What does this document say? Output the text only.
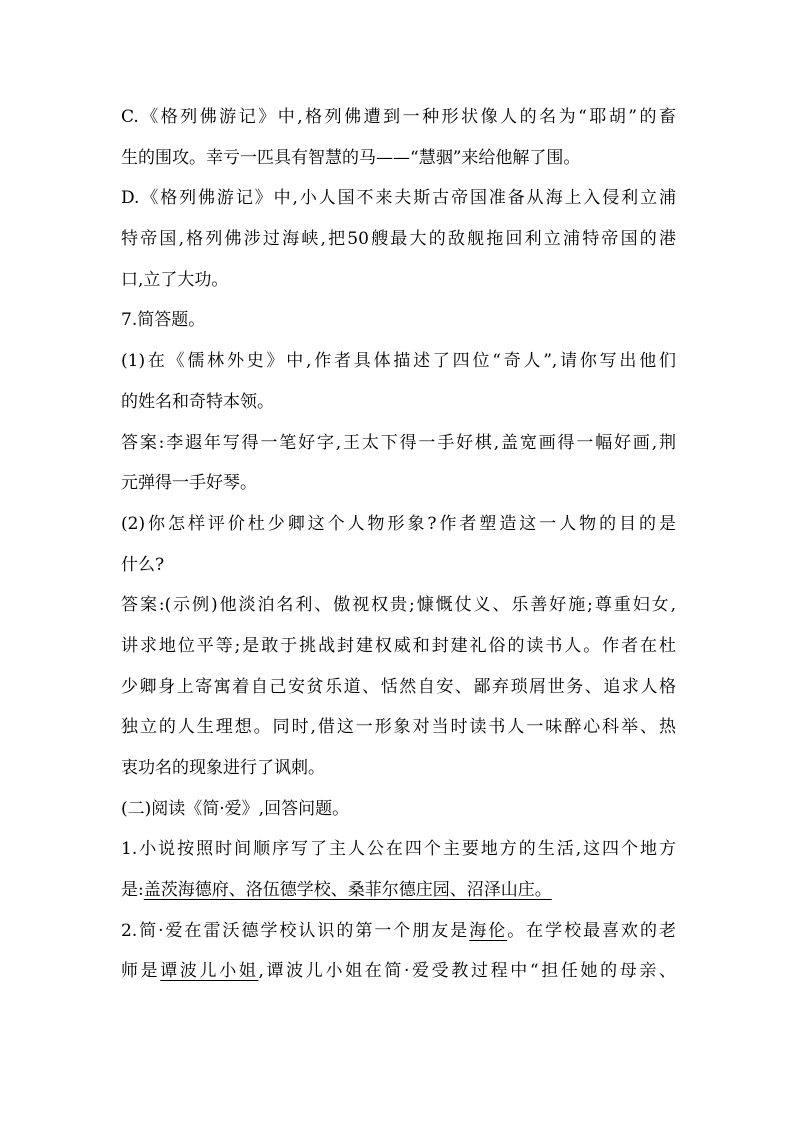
C.《格列佛游记》中,格列佛遭到一种形状像人的名为“耶胡”的畜
生的围攻。幸亏一匹具有智慧的马——“慧骃”来给他解了围。
D.《格列佛游记》中,小人国不来夫斯古帝国准备从海上入侵利立浦
特帝国,格列佛涉过海峡,把50艘最大的敌舰拖回利立浦特帝国的港
口,立了大功。
7.简答题。
(1)在《儒林外史》中,作者具体描述了四位“奇人”,请你写出他们
的姓名和奇特本领。
答案:李遐年写得一笔好字,王太下得一手好棋,盖宽画得一幅好画,荆
元弹得一手好琴。
(2)你怎样评价杜少卿这个人物形象?作者塑造这一人物的目的是
什么?
答案:(示例)他淡泊名利、傲视权贵;慷慨仗义、乐善好施;尊重妇女,
讲求地位平等;是敢于挑战封建权威和封建礼俗的读书人。作者在杜
少卿身上寄寓着自己安贫乐道、恬然自安、鄙弃琐屑世务、追求人格
独立的人生理想。同时,借这一形象对当时读书人一味醉心科举、热
衷功名的现象进行了讽刺。
(二)阅读《简·爱》,回答问题。
1.小说按照时间顺序写了主人公在四个主要地方的生活,这四个地方
是:盖茨海德府、洛伍德学校、桑菲尔德庄园、沼泽山庄。
2.简·爱在雷沃德学校认识的第一个朋友是海伦。在学校最喜欢的老
师是谭波儿小姐,谭波儿小姐在简·爱受教过程中“担任她的母亲、
